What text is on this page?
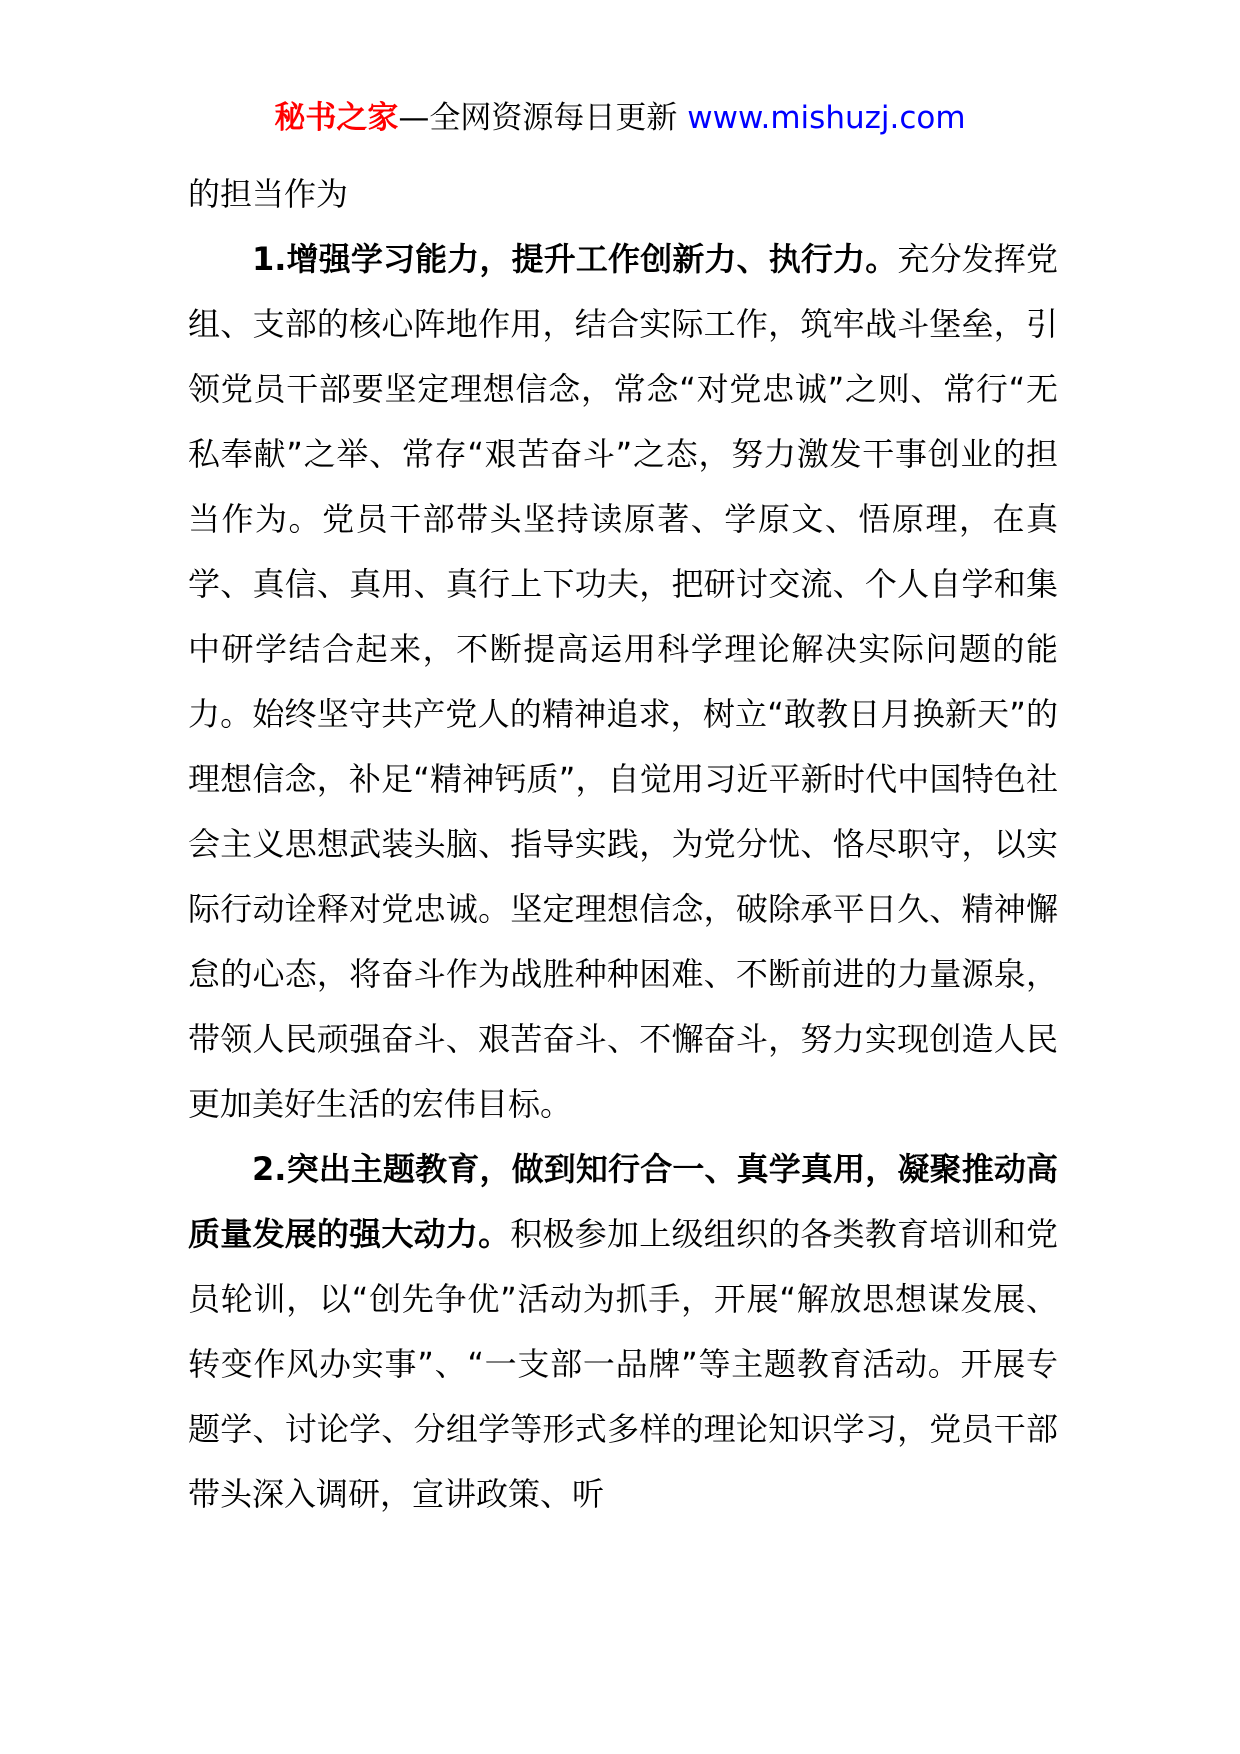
秘书之家—全网资源每日更新 www.mishuzj.com

的担当作为

1.增强学习能力，提升工作创新力、执行力。充分发挥党组、支部的核心阵地作用，结合实际工作，筑牢战斗堡垒，引领党员干部要坚定理想信念，常念“对党忠诚”之则、常行“无私奉献”之举、常存“艰苦奋斗”之态，努力激发干事创业的担当作为。党员干部带头坚持读原著、学原文、悟原理，在真学、真信、真用、真行上下功夫，把研讨交流、个人自学和集中研学结合起来，不断提高运用科学理论解决实际问题的能力。始终坚守共产党人的精神追求，树立“敢教日月换新天”的理想信念，补足“精神钙质”，自觉用习近平新时代中国特色社会主义思想武装头脑、指导实践，为党分忧、恪尽职守，以实际行动诠释对党忠诚。坚定理想信念，破除承平日久、精神懈怠的心态，将奋斗作为战胜种种困难、不断前进的力量源泉，带领人民顽强奋斗、艰苦奋斗、不懈奋斗，努力实现创造人民更加美好生活的宏伟目标。

2.突出主题教育，做到知行合一、真学真用，凝聚推动高质量发展的强大动力。积极参加上级组织的各类教育培训和党员轮训，以“创先争优”活动为抓手，开展“解放思想谋发展、转变作风办实事”、“一支部一品牌”等主题教育活动。开展专题学、讨论学、分组学等形式多样的理论知识学习，党员干部带头深入调研，宣讲政策、听
